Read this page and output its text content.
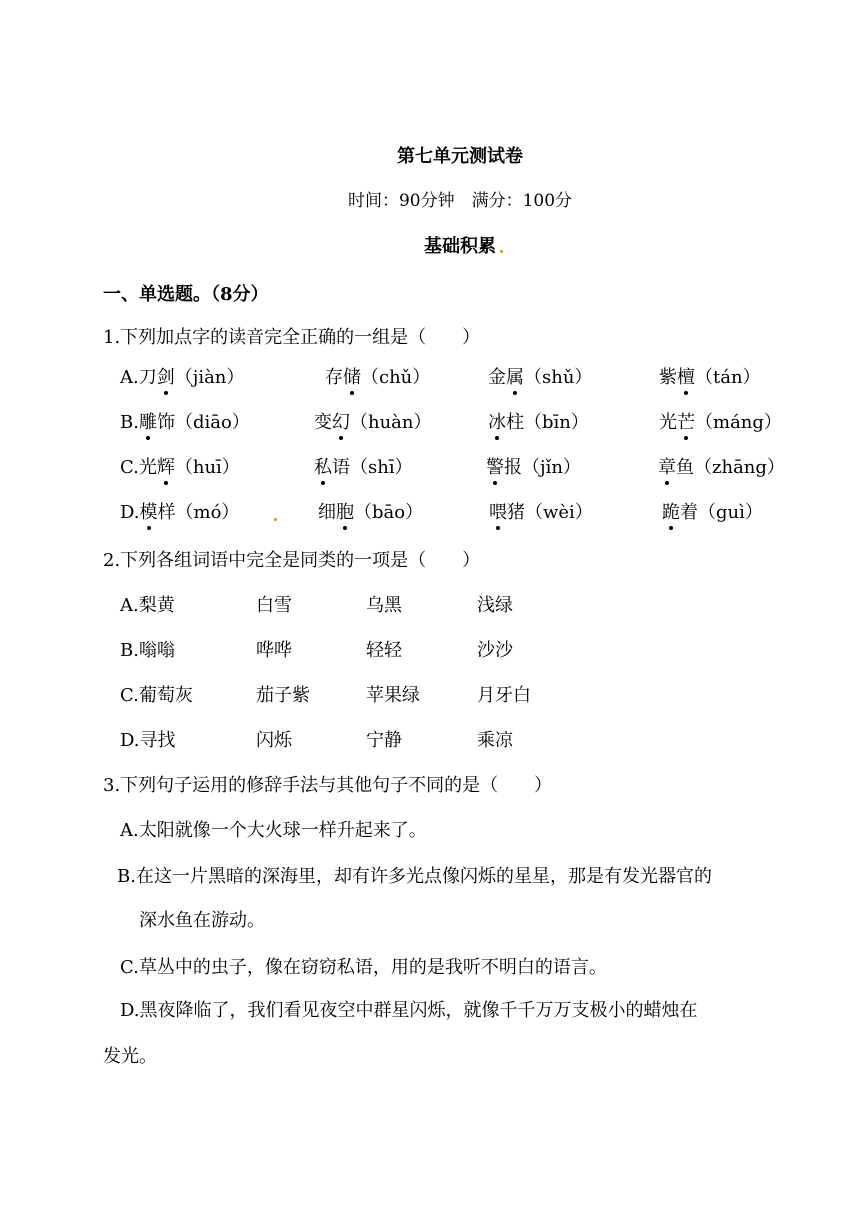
第七单元测试卷
时间：90分钟　满分：100分
基础积累
一、单选题。（8分）
1.下列加点字的读音完全正确的一组是（　　）
A.刀剑（jiàn）	存储（chǔ）	金属（shǔ）	紫檀（tán）
B.雕饰（diāo）	变幻（huàn）	冰柱（bīn）	光芒（máng）
C.光辉（huī）	私语（shī）	警报（jǐn）	章鱼（zhāng）
D.模样（mó）	细胞（bāo）	喂猪（wèi）	跪着（guì）
2.下列各组词语中完全是同类的一项是（　　）
A.梨黄	白雪	乌黑	浅绿
B.嗡嗡	哗哗	轻轻	沙沙
C.葡萄灰	茄子紫	苹果绿	月牙白
D.寻找	闪烁	宁静	乘凉
3.下列句子运用的修辞手法与其他句子不同的是（　　）
A.太阳就像一个大火球一样升起来了。
B.在这一片黑暗的深海里，却有许多光点像闪烁的星星，那是有发光器官的
深水鱼在游动。
C.草丛中的虫子，像在窃窃私语，用的是我听不明白的语言。
D.黑夜降临了，我们看见夜空中群星闪烁，就像千千万万支极小的蜡烛在
发光。
